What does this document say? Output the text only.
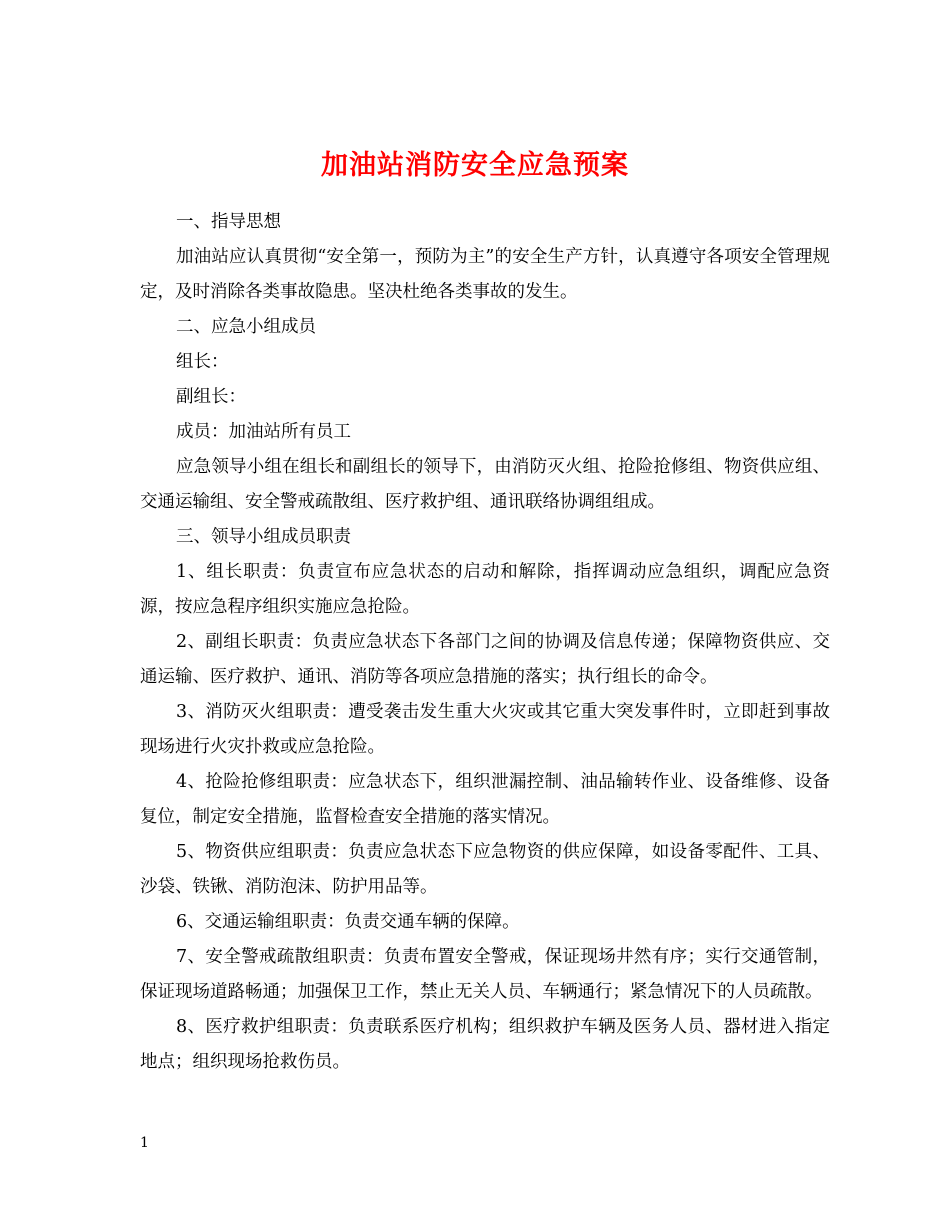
加油站消防安全应急预案

一、指导思想

加油站应认真贯彻“安全第一，预防为主”的安全生产方针，认真遵守各项安全管理规定，及时消除各类事故隐患。坚决杜绝各类事故的发生。

二、应急小组成员

组长：

副组长：

成员：加油站所有员工

应急领导小组在组长和副组长的领导下，由消防灭火组、抢险抢修组、物资供应组、交通运输组、安全警戒疏散组、医疗救护组、通讯联络协调组组成。

三、领导小组成员职责

1、组长职责：负责宣布应急状态的启动和解除，指挥调动应急组织，调配应急资源，按应急程序组织实施应急抢险。

2、副组长职责：负责应急状态下各部门之间的协调及信息传递；保障物资供应、交通运输、医疗救护、通讯、消防等各项应急措施的落实；执行组长的命令。

3、消防灭火组职责：遭受袭击发生重大火灾或其它重大突发事件时，立即赶到事故现场进行火灾扑救或应急抢险。

4、抢险抢修组职责：应急状态下，组织泄漏控制、油品输转作业、设备维修、设备复位，制定安全措施，监督检查安全措施的落实情况。

5、物资供应组职责：负责应急状态下应急物资的供应保障，如设备零配件、工具、沙袋、铁锹、消防泡沫、防护用品等。

6、交通运输组职责：负责交通车辆的保障。

7、安全警戒疏散组职责：负责布置安全警戒，保证现场井然有序；实行交通管制，保证现场道路畅通；加强保卫工作，禁止无关人员、车辆通行；紧急情况下的人员疏散。

8、医疗救护组职责：负责联系医疗机构；组织救护车辆及医务人员、器材进入指定地点；组织现场抢救伤员。

1
